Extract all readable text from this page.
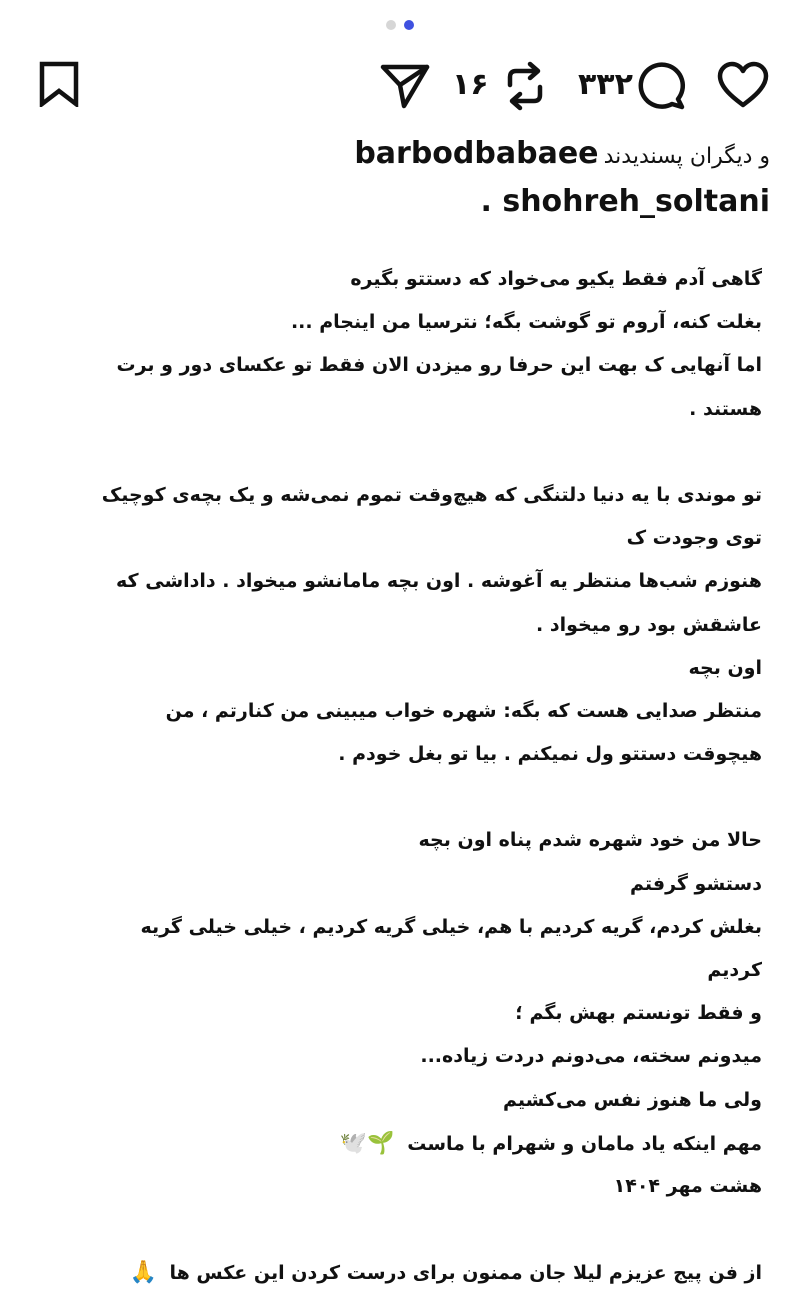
۱۶	۳۳۲
و دیگران پسندیدند barbodbabaee
shohreh_soltani .
گاهی آدم فقط یکیو می‌خواد که دستتو بگیره
بغلت کنه، آروم تو گوشت بگه؛ نترسیا من اینجام ...
اما آنهایی ک بهت این حرفا رو میزدن الان فقط تو عکسای دور و برت
هستند .
تو موندی با یه دنیا دلتنگی که هیچ‌وقت تموم نمی‌شه و یک بچه‌ی کوچیک
توی وجودت ک
هنوزم شب‌ها منتظر یه آغوشه . اون بچه مامانشو میخواد . داداشی که
عاشقش بود رو میخواد .
اون بچه
منتظر صدایی هست که بگه: شهره خواب میبینی من کنارتم ، من
هیچوقت دستتو ول نمیکنم . بیا تو بغل خودم .
حالا من خود شهره شدم پناه اون بچه
دستشو گرفتم
بغلش کردم، گریه کردیم با هم، خیلی گریه کردیم ، خیلی خیلی گریه
کردیم
و فقط تونستم بهش بگم ؛
میدونم سخته، می‌دونم دردت زیاده...
ولی ما هنوز نفس می‌کشیم
مهم اینکه یاد مامان و شهرام با ماست 🌱🕊️
هشت مهر ۱۴۰۴
از فن پیج عزیزم لیلا جان ممنون برای درست کردن این عکس ها 🙏
